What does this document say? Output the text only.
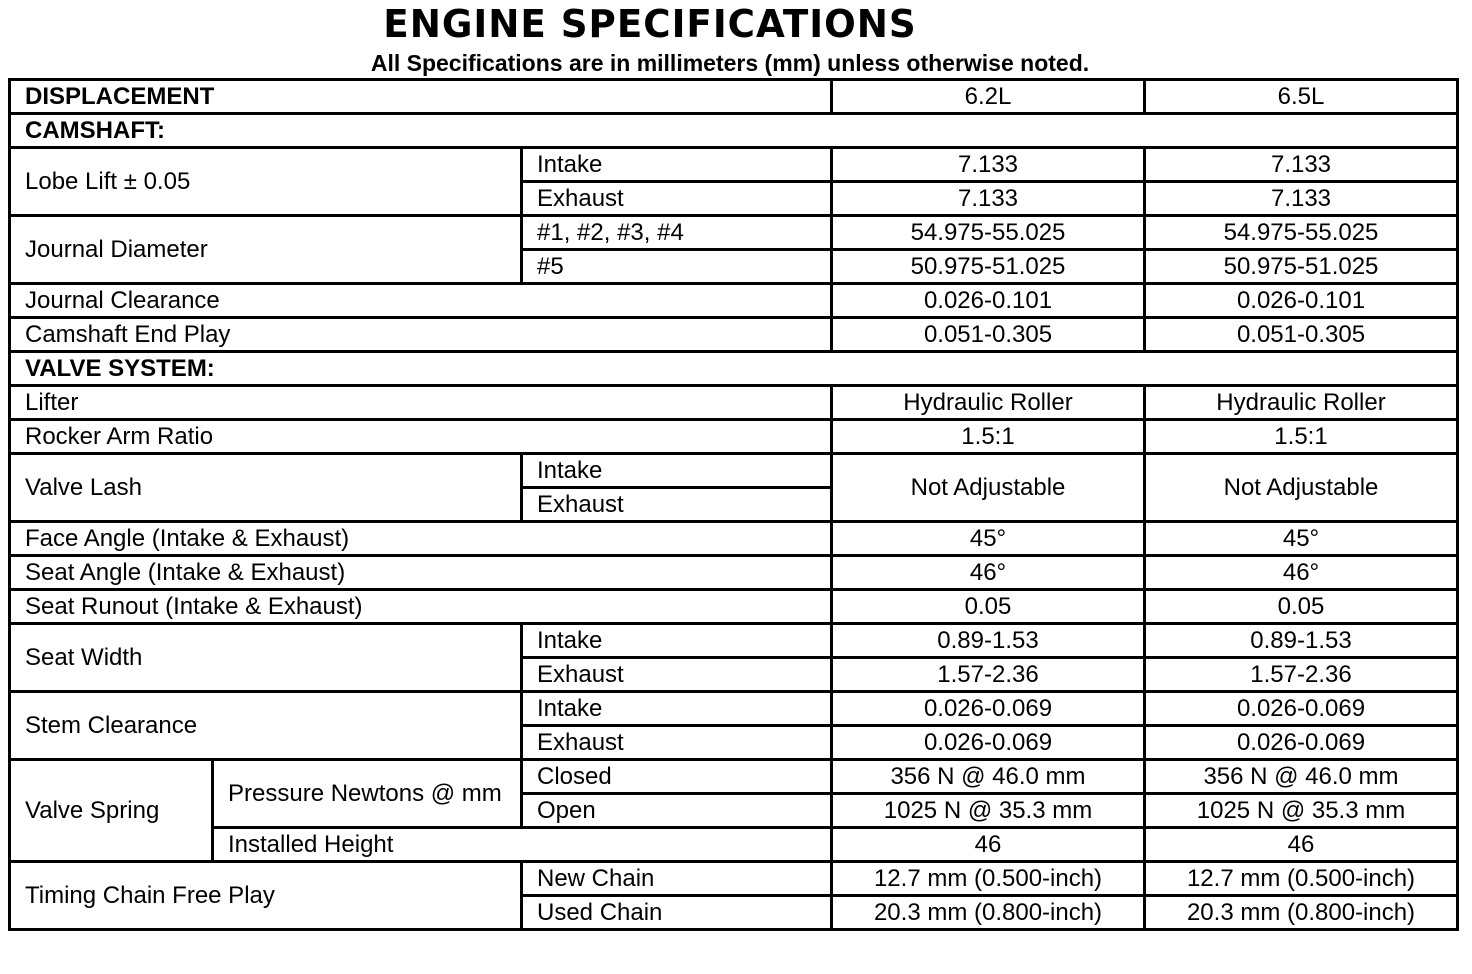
ENGINE SPECIFICATIONS
All Specifications are in millimeters (mm) unless otherwise noted.
DISPLACEMENT			6.2L	6.5L
CAMSHAFT:				
Lobe Lift ± 0.05		Intake	7.133	7.133
		Exhaust	7.133	7.133
Journal Diameter		#1, #2, #3, #4	54.975-55.025	54.975-55.025
		#5	50.975-51.025	50.975-51.025
Journal Clearance			0.026-0.101	0.026-0.101
Camshaft End Play			0.051-0.305	0.051-0.305
VALVE SYSTEM:				
Lifter			Hydraulic Roller	Hydraulic Roller
Rocker Arm Ratio			1.5:1	1.5:1
Valve Lash		Intake	Not Adjustable	Not Adjustable
		Exhaust		
Face Angle (Intake & Exhaust)			45°	45°
Seat Angle (Intake & Exhaust)			46°	46°
Seat Runout (Intake & Exhaust)			0.05	0.05
Seat Width		Intake	0.89-1.53	0.89-1.53
		Exhaust	1.57-2.36	1.57-2.36
Stem Clearance		Intake	0.026-0.069	0.026-0.069
		Exhaust	0.026-0.069	0.026-0.069
Valve Spring	Pressure Newtons @ mm	Closed	356 N @ 46.0 mm	356 N @ 46.0 mm
		Open	1025 N @ 35.3 mm	1025 N @ 35.3 mm
	Installed Height		46	46
Timing Chain Free Play		New Chain	12.7 mm (0.500-inch)	12.7 mm (0.500-inch)
		Used Chain	20.3 mm (0.800-inch)	20.3 mm (0.800-inch)
